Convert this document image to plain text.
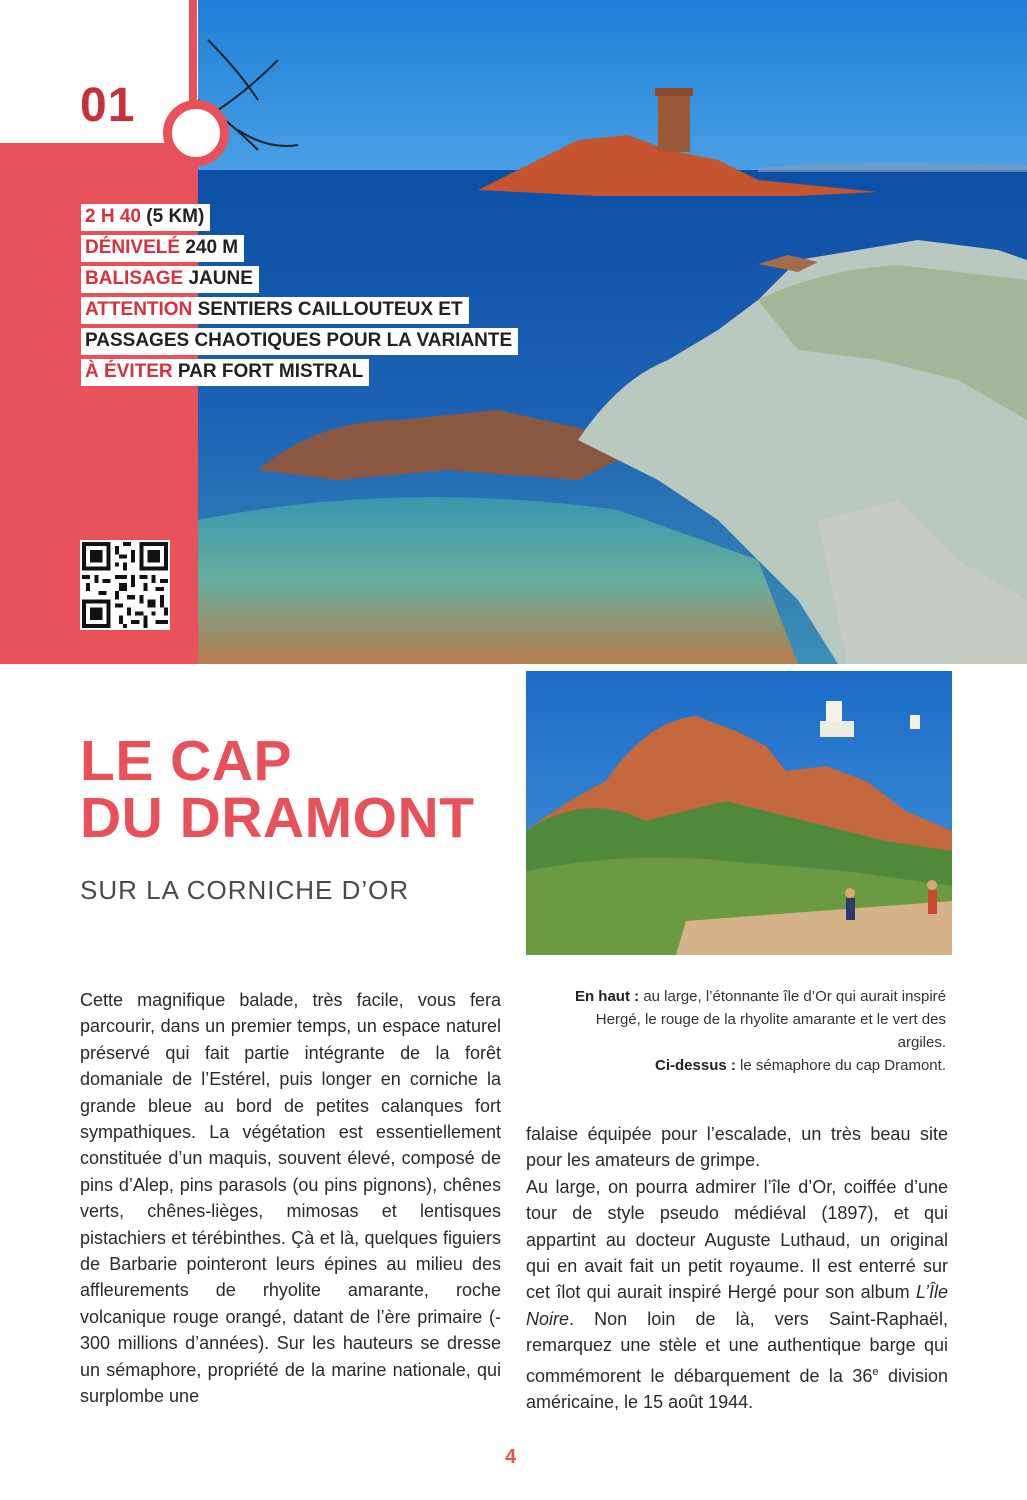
01
2 H 40 (5 KM)
DÉNIVELÉ 240 M
BALISAGE JAUNE
ATTENTION SENTIERS CAILLOUTEUX ET
PASSAGES CHAOTIQUES POUR LA VARIANTE
À ÉVITER PAR FORT MISTRAL
LE CAP
DU DRAMONT
SUR LA CORNICHE D’OR
En haut : au large, l’étonnante île d’Or qui aurait inspiré Hergé, le rouge de la rhyolite amarante et le vert des argiles.
Ci-dessus : le sémaphore du cap Dramont.

Cette magnifique balade, très facile, vous fera parcourir, dans un premier temps, un espace naturel préservé qui fait partie intégrante de la forêt domaniale de l’Estérel, puis longer en corniche la grande bleue au bord de petites calanques fort sympathiques. La végétation est essentiellement constituée d’un maquis, souvent élevé, composé de pins d’Alep, pins parasols (ou pins pignons), chênes verts, chênes-lièges, mimosas et lentisques pistachiers et térébinthes. Çà et là, quelques figuiers de Barbarie pointeront leurs épines au milieu des affleurements de rhyolite amarante, roche volcanique rouge orangé, datant de l’ère primaire (- 300 millions d’années). Sur les hauteurs se dresse un sémaphore, propriété de la marine nationale, qui surplombe une

falaise équipée pour l’escalade, un très beau site pour les amateurs de grimpe.

Au large, on pourra admirer l’île d’Or, coiffée d’une tour de style pseudo médiéval (1897), et qui appartint au docteur Auguste Luthaud, un original qui en avait fait un petit royaume. Il est enterré sur cet îlot qui aurait inspiré Hergé pour son album L’Île Noire. Non loin de là, vers Saint-Raphaël, remarquez une stèle et une authentique barge qui commémorent le débarquement de la 36e division américaine, le 15 août 1944.

4
